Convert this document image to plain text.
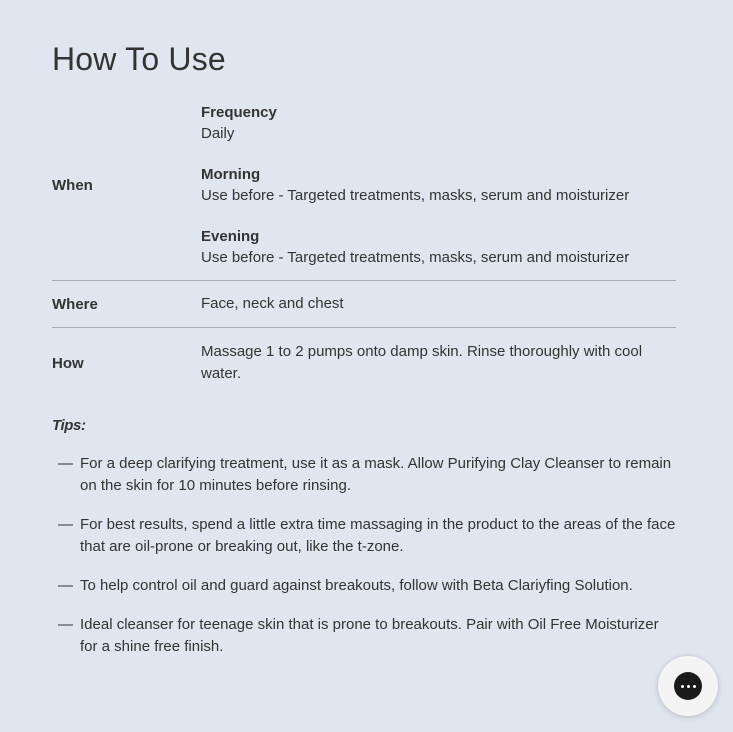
How To Use
When
Frequency
Daily
Morning
Use before - Targeted treatments, masks, serum and moisturizer
Evening
Use before - Targeted treatments, masks, serum and moisturizer
Where	Face, neck and chest
How
Massage 1 to 2 pumps onto damp skin. Rinse thoroughly with cool water.
Tips:
— For a deep clarifying treatment, use it as a mask. Allow Purifying Clay Cleanser to remain on the skin for 10 minutes before rinsing.
— For best results, spend a little extra time massaging in the product to the areas of the face that are oil-prone or breaking out, like the t-zone.
— To help control oil and guard against breakouts, follow with Beta Clariyfing Solution.
— Ideal cleanser for teenage skin that is prone to breakouts. Pair with Oil Free Moisturizer for a shine free finish.
